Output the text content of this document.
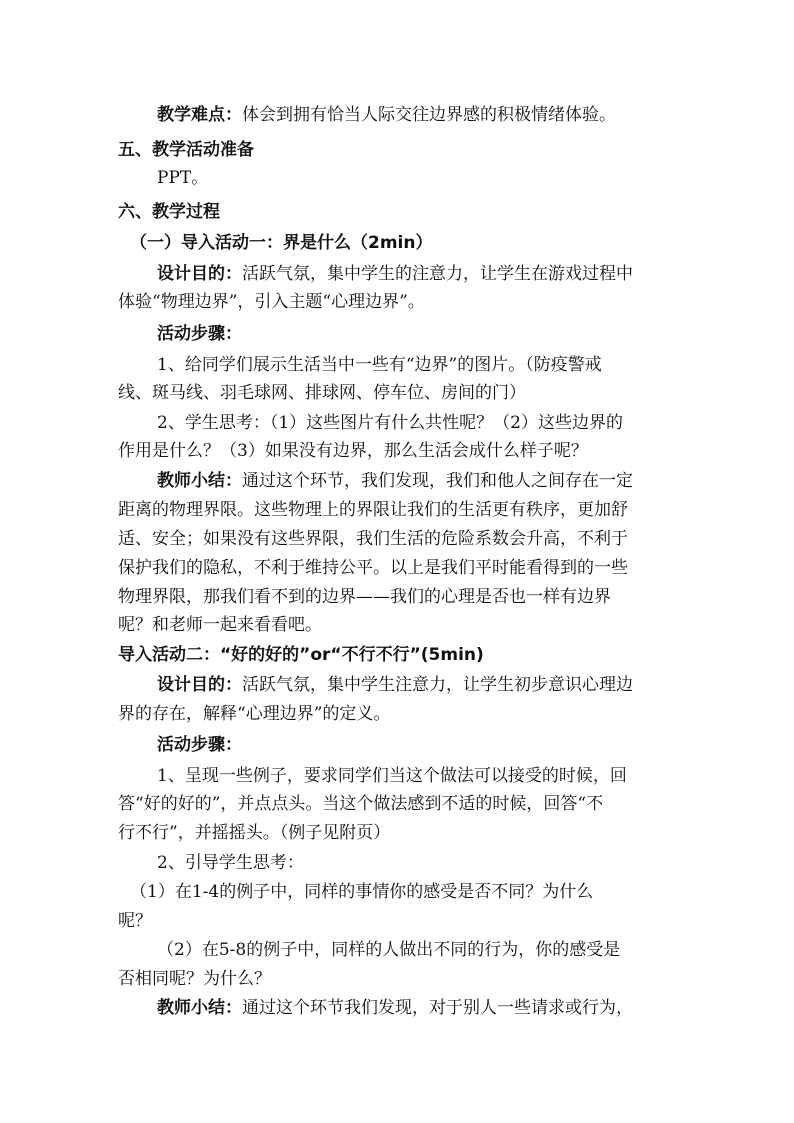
教学难点：体会到拥有恰当人际交往边界感的积极情绪体验。
五、教学活动准备
PPT。
六、教学过程
（一）导入活动一：界是什么（2min）
设计目的：活跃气氛，集中学生的注意力，让学生在游戏过程中
体验“物理边界”，引入主题“心理边界”。
活动步骤：
1、给同学们展示生活当中一些有“边界”的图片。（防疫警戒
线、斑马线、羽毛球网、排球网、停车位、房间的门）
2、学生思考：（1）这些图片有什么共性呢？（2）这些边界的
作用是什么？（3）如果没有边界，那么生活会成什么样子呢？
教师小结：通过这个环节，我们发现，我们和他人之间存在一定
距离的物理界限。这些物理上的界限让我们的生活更有秩序，更加舒
适、安全；如果没有这些界限，我们生活的危险系数会升高，不利于
保护我们的隐私，不利于维持公平。以上是我们平时能看得到的一些
物理界限，那我们看不到的边界——我们的心理是否也一样有边界
呢？和老师一起来看看吧。
导入活动二：“好的好的”or“不行不行”(5min)
设计目的：活跃气氛，集中学生注意力，让学生初步意识心理边
界的存在，解释“心理边界”的定义。
活动步骤：
1、呈现一些例子，要求同学们当这个做法可以接受的时候，回
答“好的好的”，并点点头。当这个做法感到不适的时候，回答“不
行不行”，并摇摇头。（例子见附页）
2、引导学生思考：
（1）在1-4的例子中，同样的事情你的感受是否不同？为什么
呢？
（2）在5-8的例子中，同样的人做出不同的行为，你的感受是
否相同呢？为什么？
教师小结：通过这个环节我们发现，对于别人一些请求或行为，
